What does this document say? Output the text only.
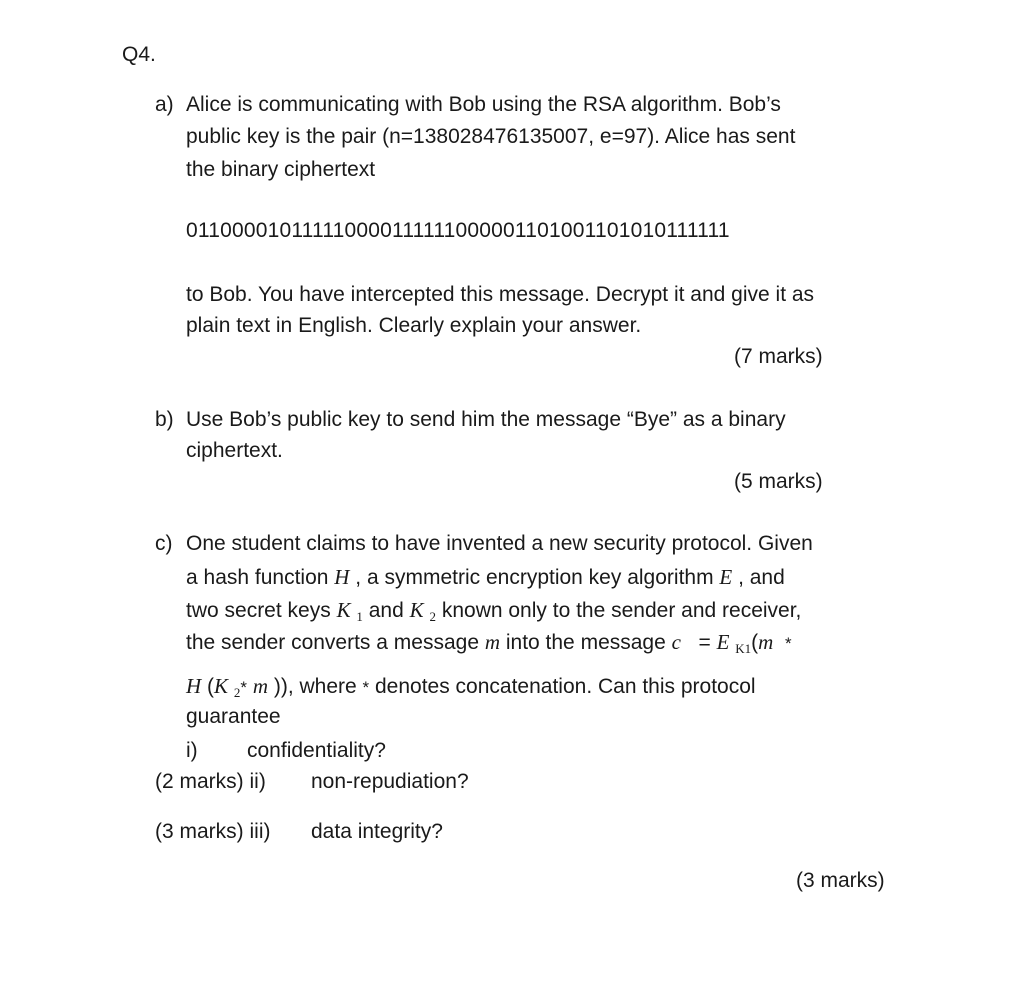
Q4.
a) Alice is communicating with Bob using the RSA algorithm. Bob’s
public key is the pair (n=138028476135007, e=97). Alice has sent
the binary ciphertext
011000010111110000111111000001101001101010111111
to Bob. You have intercepted this message. Decrypt it and give it as
plain text in English. Clearly explain your answer.
(7 marks)
b) Use Bob’s public key to send him the message “Bye” as a binary
ciphertext.
(5 marks)
c) One student claims to have invented a new security protocol. Given
a hash function H , a symmetric encryption key algorithm E , and
two secret keys K 1 and K 2 known only to the sender and receiver,
the sender converts a message m into the message c = E K1(m *
H (K 2* m )), where * denotes concatenation. Can this protocol
guarantee
i) confidentiality?
(2 marks) ii) non-repudiation?
(3 marks) iii) data integrity?
(3 marks)
